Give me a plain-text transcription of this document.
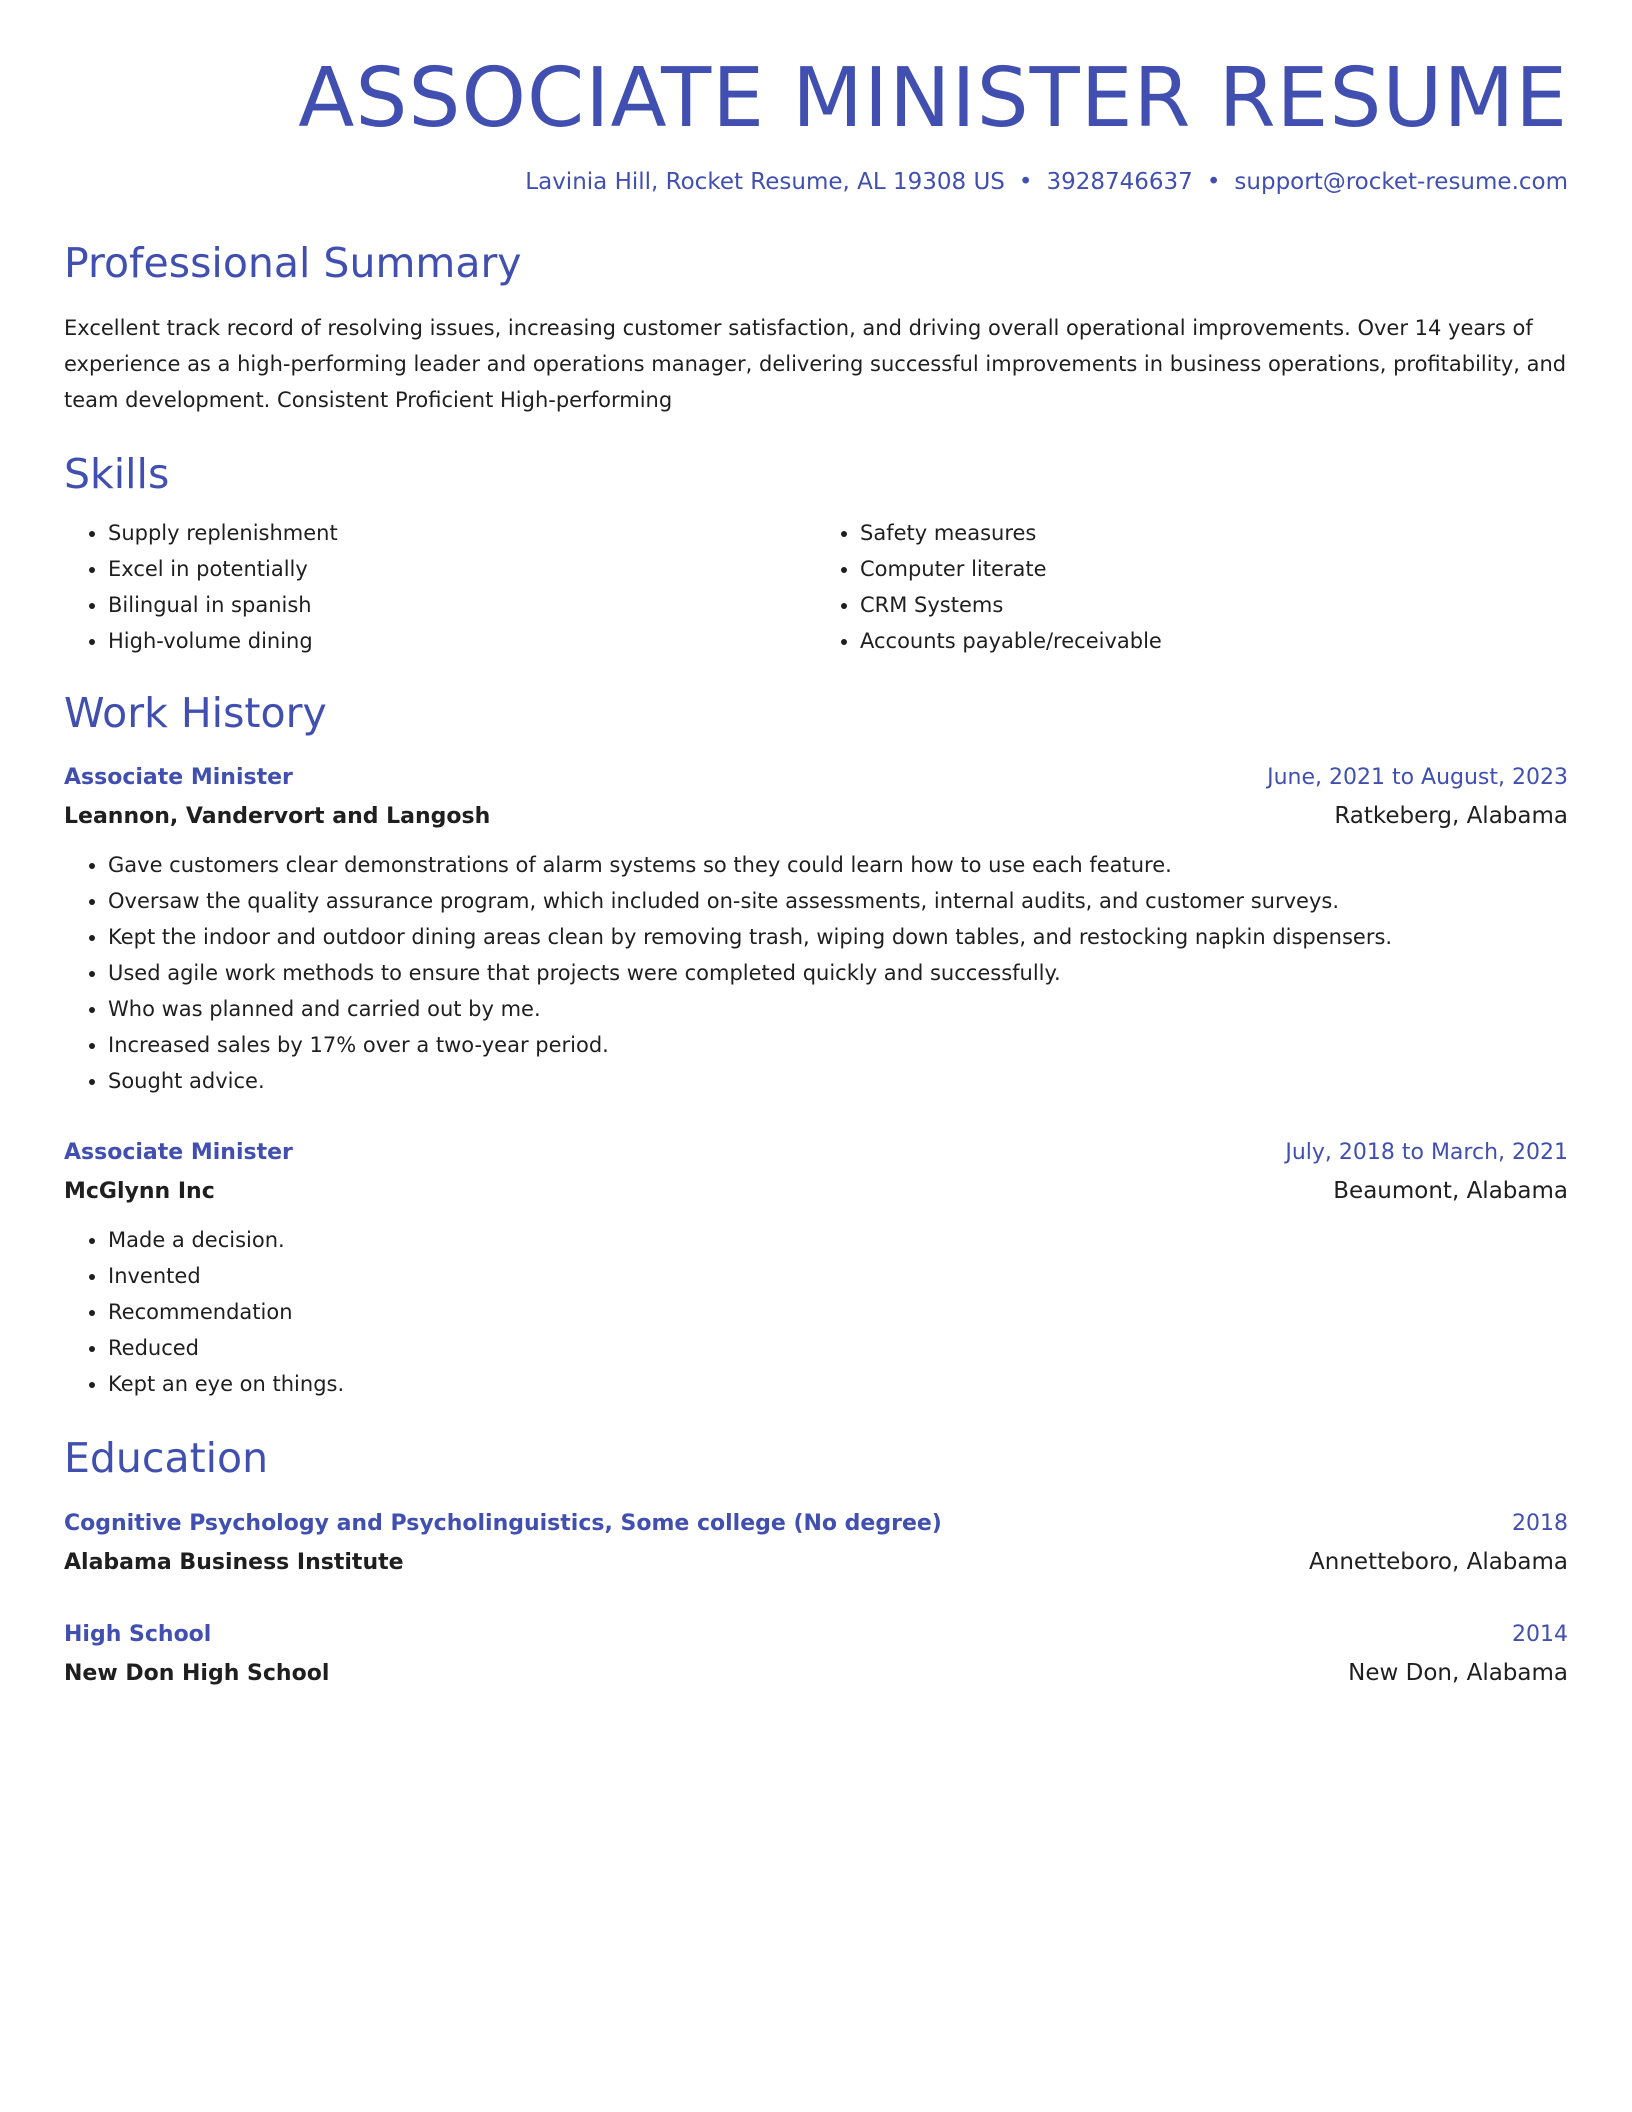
ASSOCIATE MINISTER RESUME
Lavinia Hill, Rocket Resume, AL 19308 US • 3928746637 • support@rocket-resume.com
Professional Summary

Excellent track record of resolving issues, increasing customer satisfaction, and driving overall operational improvements. Over 14 years of experience as a high-performing leader and operations manager, delivering successful improvements in business operations, profitability, and team development. Consistent Proficient High-performing

Skills
• Supply replenishment
• Excel in potentially
• Bilingual in spanish
• High-volume dining
• Safety measures
• Computer literate
• CRM Systems
• Accounts payable/receivable
Work History
Associate Minister	June, 2021 to August, 2023
Leannon, Vandervort and Langosh	Ratkeberg, Alabama
• Gave customers clear demonstrations of alarm systems so they could learn how to use each feature.
• Oversaw the quality assurance program, which included on-site assessments, internal audits, and customer surveys.
• Kept the indoor and outdoor dining areas clean by removing trash, wiping down tables, and restocking napkin dispensers.
• Used agile work methods to ensure that projects were completed quickly and successfully.
• Who was planned and carried out by me.
• Increased sales by 17% over a two-year period.
• Sought advice.
Associate Minister	July, 2018 to March, 2021
McGlynn Inc	Beaumont, Alabama
• Made a decision.
• Invented
• Recommendation
• Reduced
• Kept an eye on things.
Education
Cognitive Psychology and Psycholinguistics, Some college (No degree)	2018
Alabama Business Institute	Annetteboro, Alabama
High School	2014
New Don High School	New Don, Alabama
